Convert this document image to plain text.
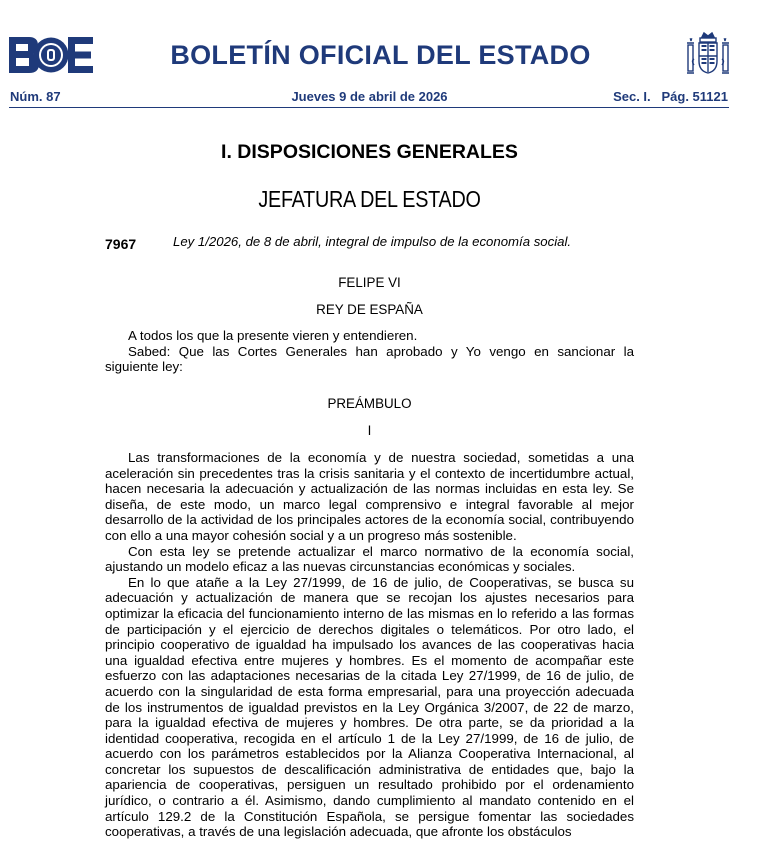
BOLETÍN OFICIAL DEL ESTADO
Núm. 87	Jueves 9 de abril de 2026	Sec. I.   Pág. 51121
I. DISPOSICIONES GENERALES
JEFATURA DEL ESTADO
7967	Ley 1/2026, de 8 de abril, integral de impulso de la economía social.
FELIPE VI
REY DE ESPAÑA

A todos los que la presente vieren y entendieren.

Sabed: Que las Cortes Generales han aprobado y Yo vengo en sancionar la siguiente ley:

PREÁMBULO
I

Las transformaciones de la economía y de nuestra sociedad, sometidas a una aceleración sin precedentes tras la crisis sanitaria y el contexto de incertidumbre actual, hacen necesaria la adecuación y actualización de las normas incluidas en esta ley. Se diseña, de este modo, un marco legal comprensivo e integral favorable al mejor desarrollo de la actividad de los principales actores de la economía social, contribuyendo con ello a una mayor cohesión social y a un progreso más sostenible.

Con esta ley se pretende actualizar el marco normativo de la economía social, ajustando un modelo eficaz a las nuevas circunstancias económicas y sociales.

En lo que atañe a la Ley 27/1999, de 16 de julio, de Cooperativas, se busca su adecuación y actualización de manera que se recojan los ajustes necesarios para optimizar la eficacia del funcionamiento interno de las mismas en lo referido a las formas de participación y el ejercicio de derechos digitales o telemáticos. Por otro lado, el principio cooperativo de igualdad ha impulsado los avances de las cooperativas hacia una igualdad efectiva entre mujeres y hombres. Es el momento de acompañar este esfuerzo con las adaptaciones necesarias de la citada Ley 27/1999, de 16 de julio, de acuerdo con la singularidad de esta forma empresarial, para una proyección adecuada de los instrumentos de igualdad previstos en la Ley Orgánica 3/2007, de 22 de marzo, para la igualdad efectiva de mujeres y hombres. De otra parte, se da prioridad a la identidad cooperativa, recogida en el artículo 1 de la Ley 27/1999, de 16 de julio, de acuerdo con los parámetros establecidos por la Alianza Cooperativa Internacional, al concretar los supuestos de descalificación administrativa de entidades que, bajo la apariencia de cooperativas, persiguen un resultado prohibido por el ordenamiento jurídico, o contrario a él. Asimismo, dando cumplimiento al mandato contenido en el artículo 129.2 de la Constitución Española, se persigue fomentar las sociedades cooperativas, a través de una legislación adecuada, que afronte los obstáculos
